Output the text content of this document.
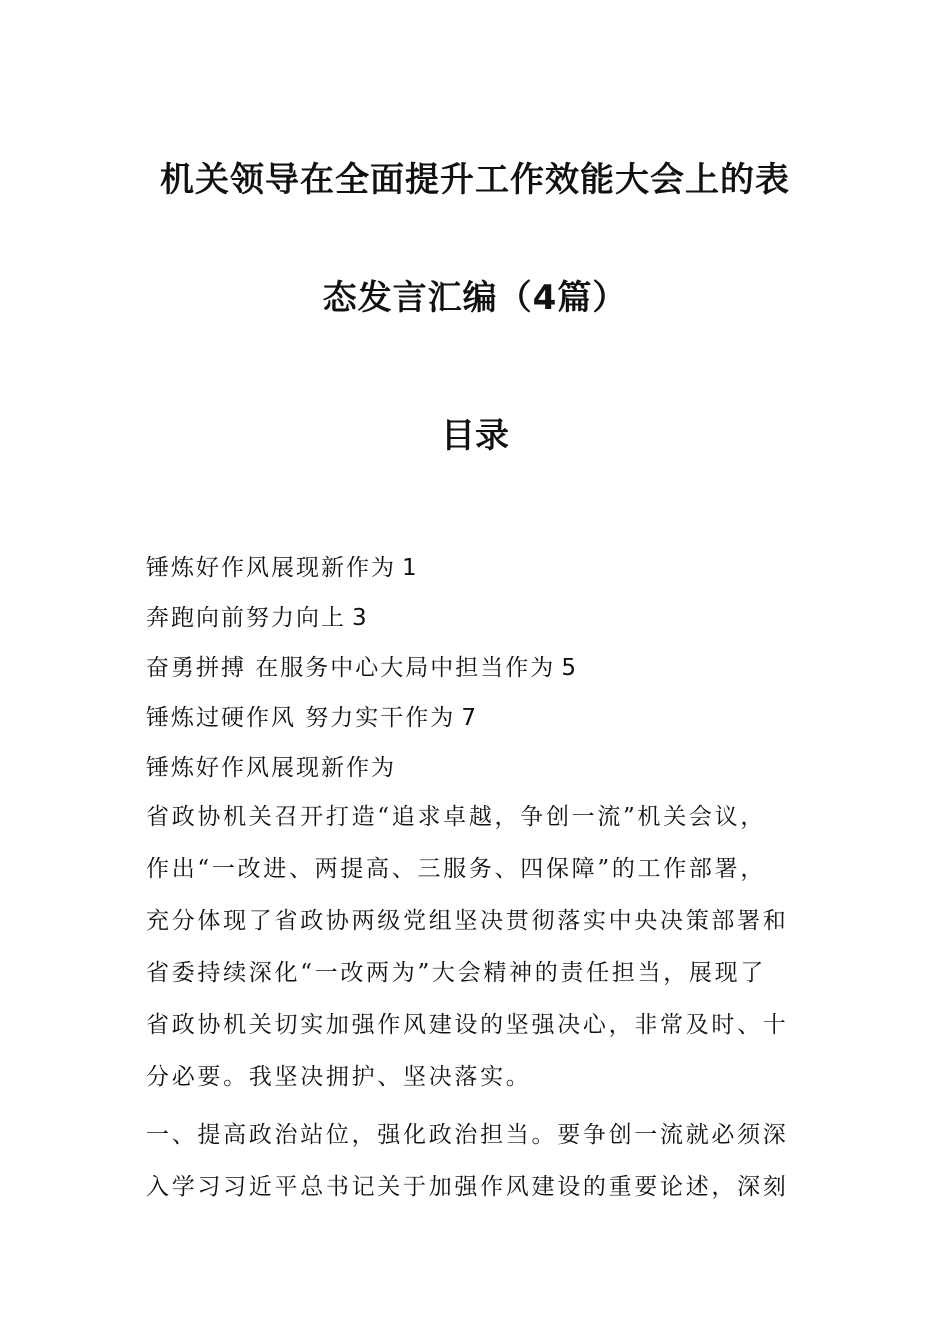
机关领导在全面提升工作效能大会上的表
态发言汇编（4篇）
目录
锤炼好作风展现新作为 1
奔跑向前努力向上 3
奋勇拼搏 在服务中心大局中担当作为 5
锤炼过硬作风 努力实干作为 7
锤炼好作风展现新作为
省政协机关召开打造“追求卓越，争创一流”机关会议，
作出“一改进、两提高、三服务、四保障”的工作部署，
充分体现了省政协两级党组坚决贯彻落实中央决策部署和
省委持续深化“一改两为”大会精神的责任担当，展现了
省政协机关切实加强作风建设的坚强决心，非常及时、十
分必要。我坚决拥护、坚决落实。
一、提高政治站位，强化政治担当。要争创一流就必须深
入学习习近平总书记关于加强作风建设的重要论述，深刻
